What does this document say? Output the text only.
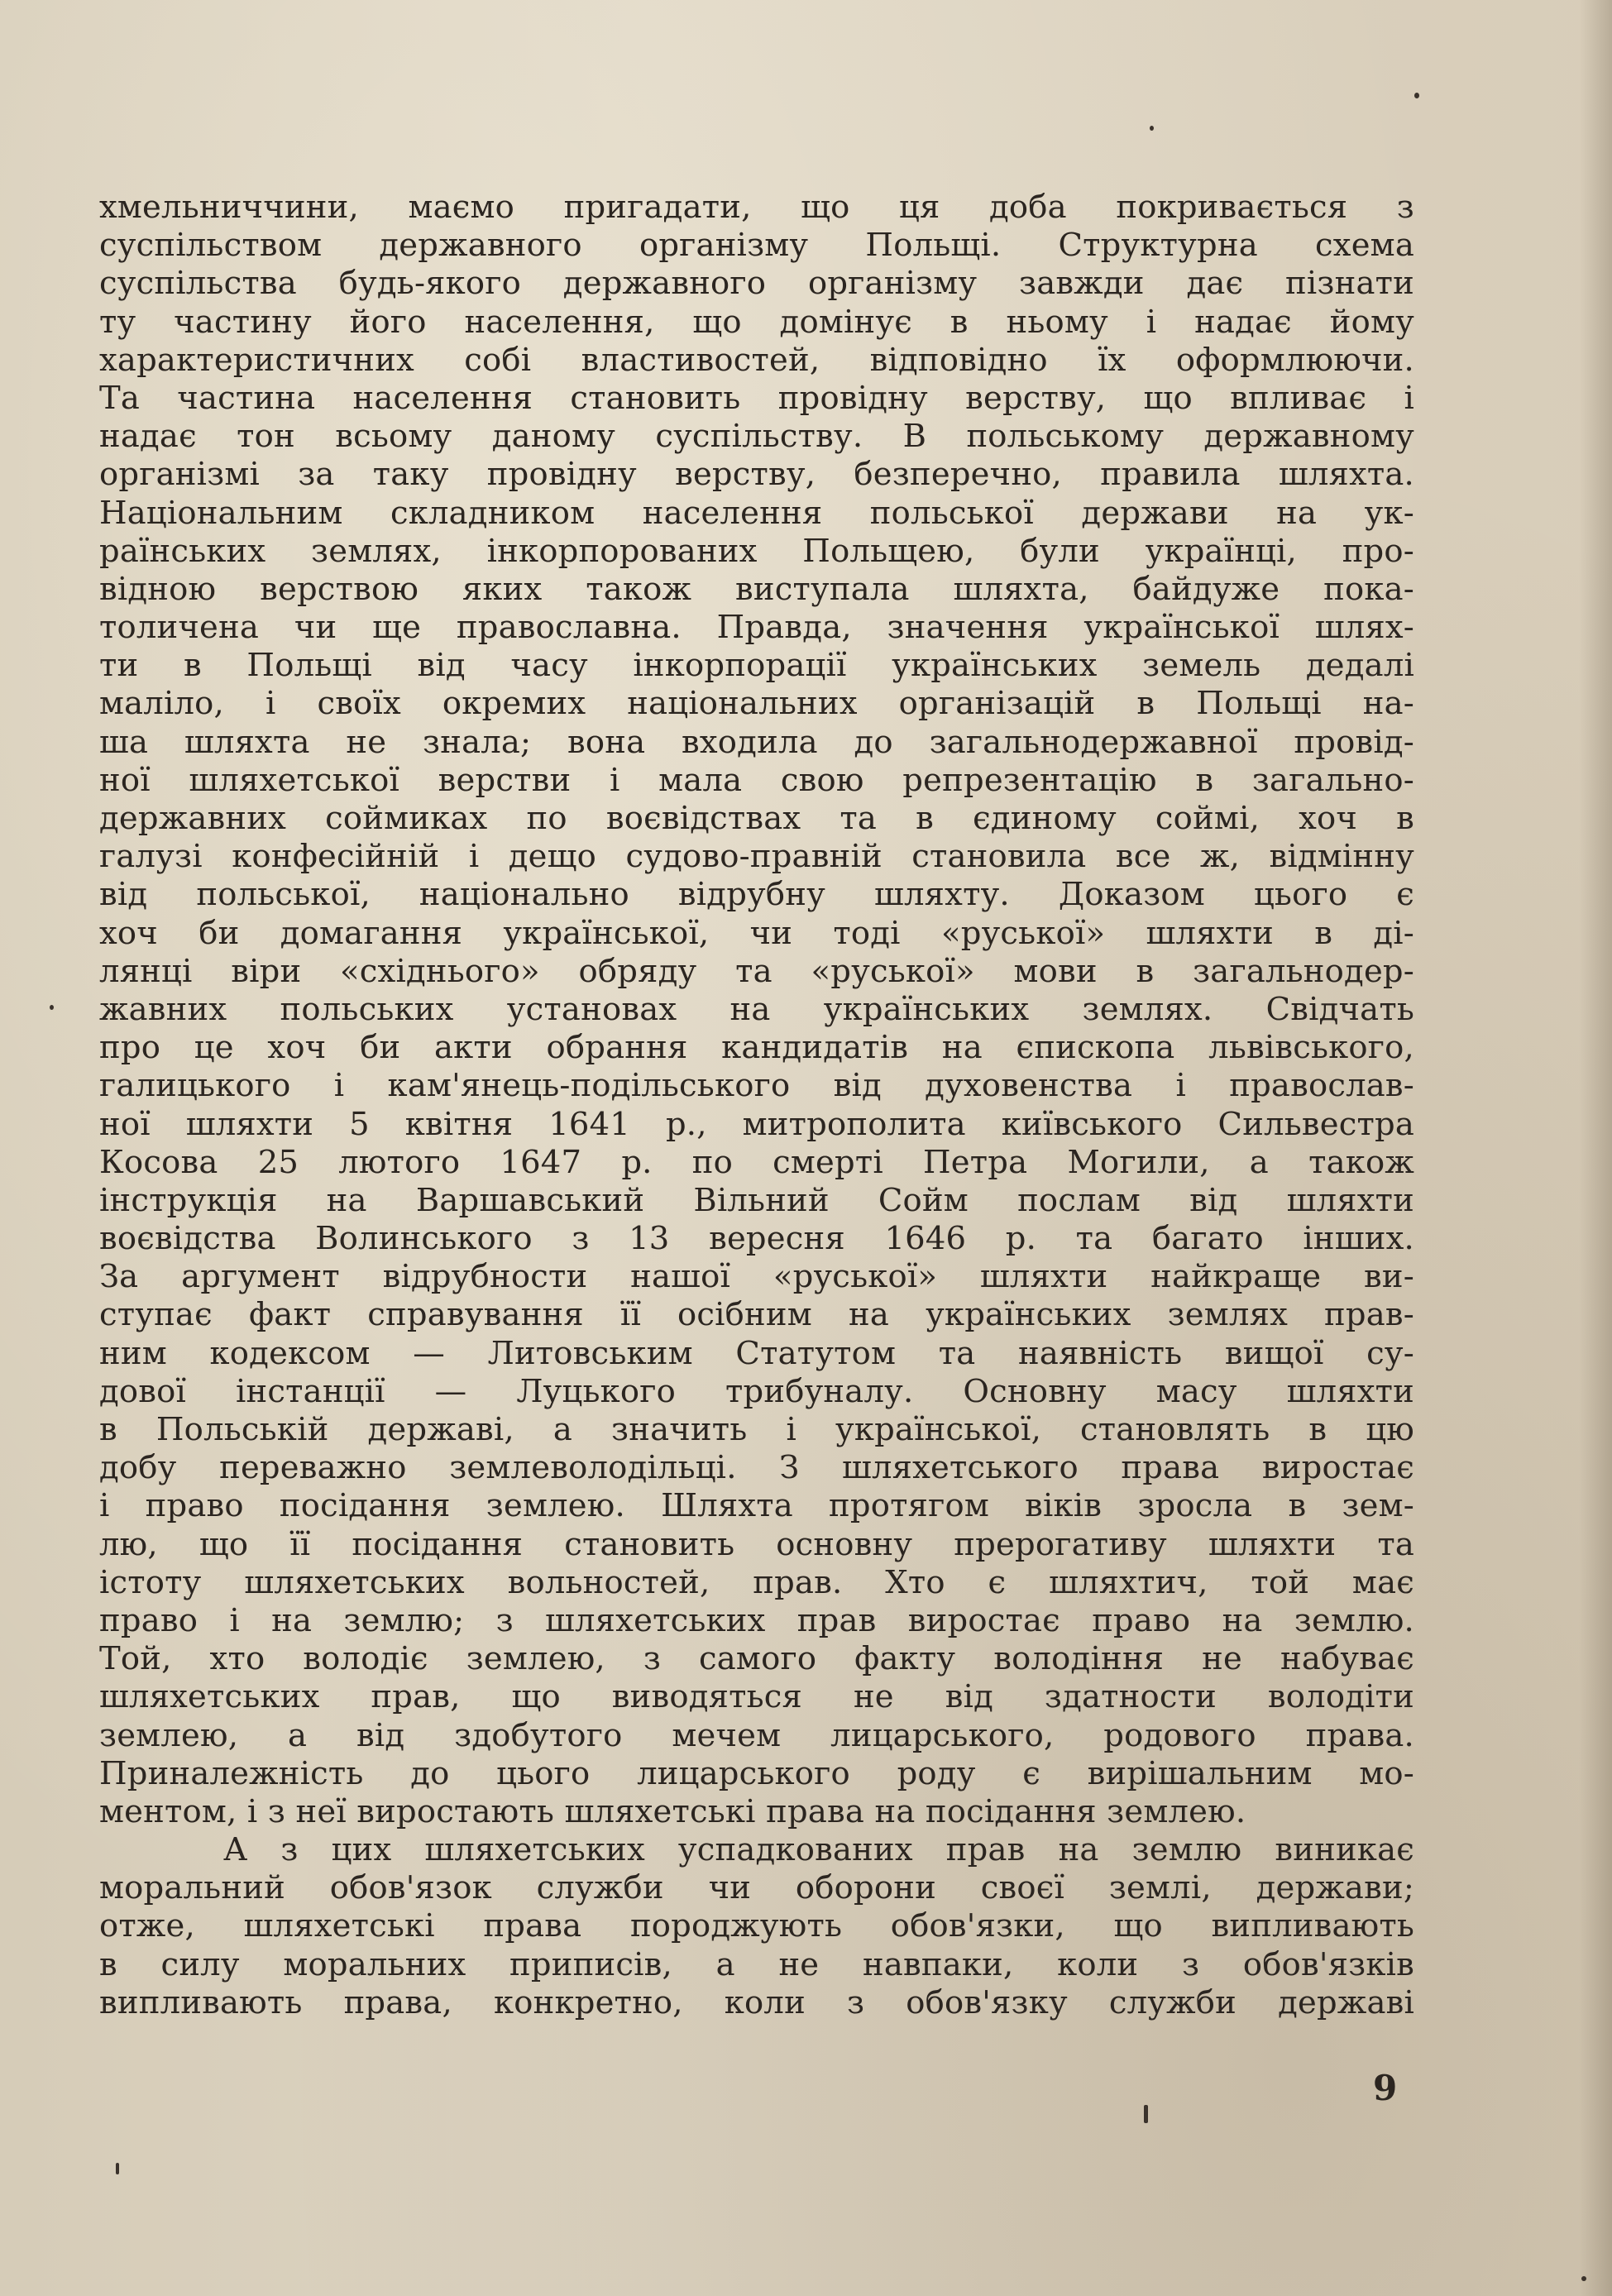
хмельниччини, маємо пригадати, що ця доба покривається з
суспільством державного організму Польщі. Структурна схема
суспільства будь-якого державного організму завжди дає пізнати
ту частину його населення, що домінує в ньому і надає йому
характеристичних собі властивостей, відповідно їх оформлюючи.
Та частина населення становить провідну верству, що впливає і
надає тон всьому даному суспільству. В польському державному
організмі за таку провідну верству, безперечно, правила шляхта.
Національним складником населення польської держави на ук-
раїнських землях, інкорпорованих Польщею, були українці, про-
відною верствою яких також виступала шляхта, байдуже пока-
толичена чи ще православна. Правда, значення української шлях-
ти в Польщі від часу інкорпорації українських земель дедалі
маліло, і своїх окремих національних організацій в Польщі на-
ша шляхта не знала; вона входила до загальнодержавної провід-
ної шляхетської верстви і мала свою репрезентацію в загально-
державних соймиках по воєвідствах та в єдиному соймі, хоч в
галузі конфесійній і дещо судово-правній становила все ж, відмінну
від польської, національно відрубну шляхту. Доказом цього є
хоч би домагання української, чи тоді «руської» шляхти в ді-
лянці віри «східнього» обряду та «руської» мови в загальнодер-
жавних польських установах на українських землях. Свідчать
про це хоч би акти обрання кандидатів на єпископа львівського,
галицького і кам'янець-подільського від духовенства і православ-
ної шляхти 5 квітня 1641 р., митрополита київського Сильвестра
Косова 25 лютого 1647 р. по смерті Петра Могили, а також
інструкція на Варшавський Вільний Сойм послам від шляхти
воєвідства Волинського з 13 вересня 1646 р. та багато інших.
За аргумент відрубности нашої «руської» шляхти найкраще ви-
ступає факт справування її осібним на українських землях прав-
ним кодексом — Литовським Статутом та наявність вищої су-
дової інстанції — Луцького трибуналу. Основну масу шляхти
в Польській державі, а значить і української, становлять в цю
добу переважно землеволодільці. З шляхетського права виростає
і право посідання землею. Шляхта протягом віків зросла в зем-
лю, що її посідання становить основну прерогативу шляхти та
істоту шляхетських вольностей, прав. Хто є шляхтич, той має
право і на землю; з шляхетських прав виростає право на землю.
Той, хто володіє землею, з самого факту володіння не набуває
шляхетських прав, що виводяться не від здатности володіти
землею, а від здобутого мечем лицарського, родового права.
Приналежність до цього лицарського роду є вирішальним мо-
ментом, і з неї виростають шляхетські права на посідання землею.
А з цих шляхетських успадкованих прав на землю виникає
моральний обов'язок служби чи оборони своєї землі, держави;
отже, шляхетські права породжують обов'язки, що випливають
в силу моральних приписів, а не навпаки, коли з обов'язків
випливають права, конкретно, коли з обов'язку служби державі
9
